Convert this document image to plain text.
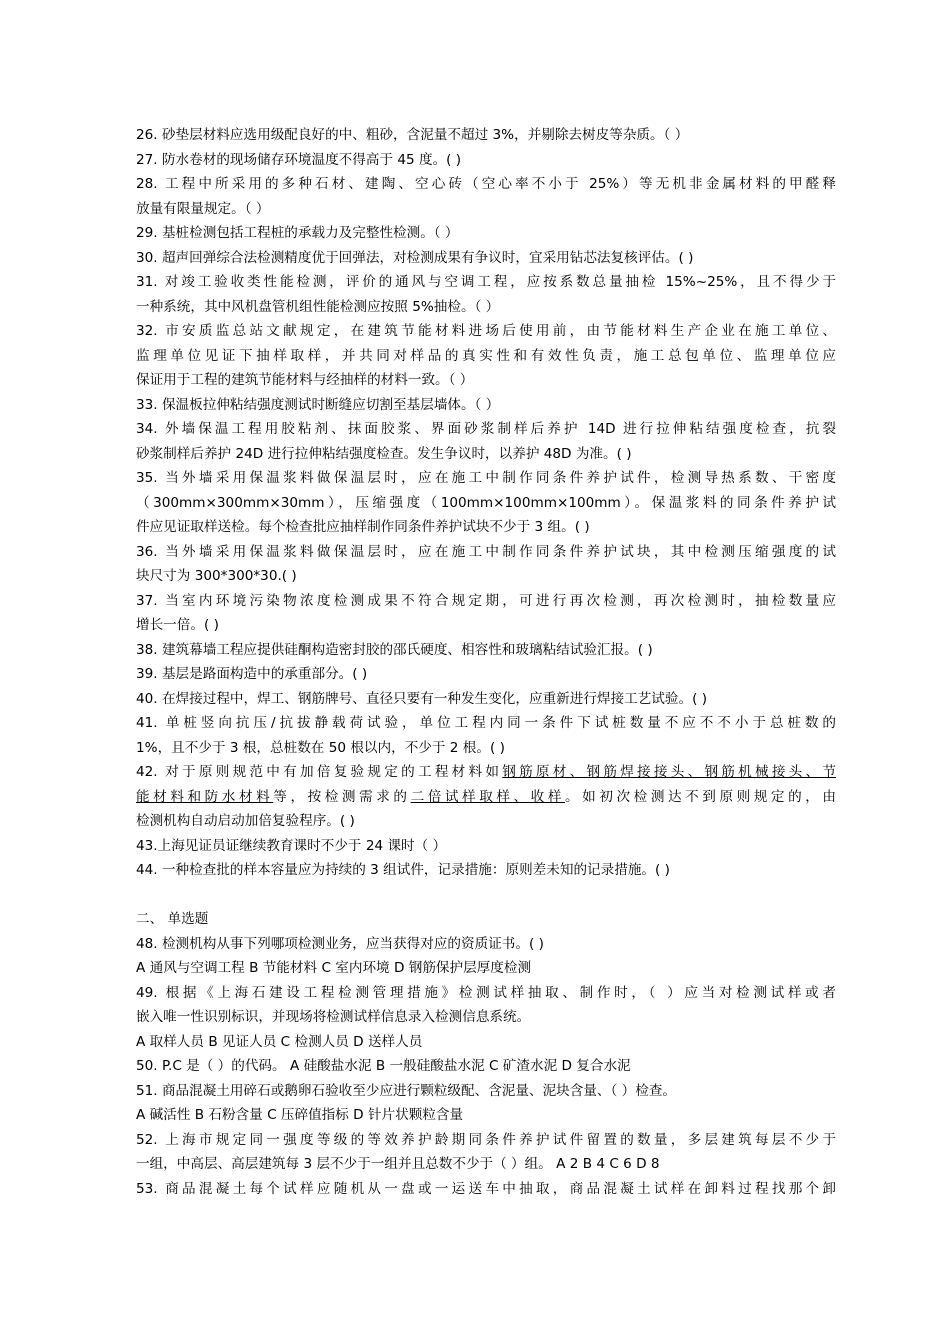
26. 砂垫层材料应选用级配良好的中、粗砂，含泥量不超过 3%，并剔除去树皮等杂质。（ ）
27. 防水卷材的现场储存环境温度不得高于 45 度。( )
28. 工程中所采用的多种石材、建陶、空心砖（空心率不小于 25%）等无机非金属材料的甲醛释
放量有限量规定。（ ）
29. 基桩检测包括工程桩的承载力及完整性检测。（ ）
30. 超声回弹综合法检测精度优于回弹法，对检测成果有争议时，宜采用钻芯法复核评估。( )
31. 对竣工验收类性能检测，评价的通风与空调工程，应按系数总量抽检 15%~25%，且不得少于
一种系统，其中风机盘管机组性能检测应按照 5%抽检。（ ）
32. 市安质监总站文献规定，在建筑节能材料进场后使用前，由节能材料生产企业在施工单位、
监理单位见证下抽样取样，并共同对样品的真实性和有效性负责，施工总包单位、监理单位应
保证用于工程的建筑节能材料与经抽样的材料一致。（ ）
33. 保温板拉伸粘结强度测试时断缝应切割至基层墙体。（ ）
34. 外墙保温工程用胶粘剂、抹面胶浆、界面砂浆制样后养护 14D 进行拉伸粘结强度检查，抗裂
砂浆制样后养护 24D 进行拉伸粘结强度检查。发生争议时，以养护 48D 为准。( )
35. 当外墙采用保温浆料做保温层时，应在施工中制作同条件养护试件，检测导热系数、干密度
（300mm×300mm×30mm），压缩强度（100mm×100mm×100mm）。保温浆料的同条件养护试
件应见证取样送检。每个检查批应抽样制作同条件养护试块不少于 3 组。( )
36. 当外墙采用保温浆料做保温层时，应在施工中制作同条件养护试块，其中检测压缩强度的试
块尺寸为 300*300*30.( )
37. 当室内环境污染物浓度检测成果不符合规定期，可进行再次检测，再次检测时，抽检数量应
增长一倍。( )
38. 建筑幕墙工程应提供硅酮构造密封胶的邵氏硬度、相容性和玻璃粘结试验汇报。( )
39. 基层是路面构造中的承重部分。( )
40. 在焊接过程中，焊工、钢筋牌号、直径只要有一种发生变化，应重新进行焊接工艺试验。( )
41. 单桩竖向抗压/抗拔静载荷试验，单位工程内同一条件下试桩数量不应不不小于总桩数的
1%，且不少于 3 根，总桩数在 50 根以内，不少于 2 根。( )
42. 对于原则规范中有加倍复验规定的工程材料如钢筋原材、钢筋焊接接头、钢筋机械接头、节
能材料和防水材料等，按检测需求的二倍试样取样、收样。如初次检测达不到原则规定的，由
检测机构自动启动加倍复验程序。( )
43.上海见证员证继续教育课时不少于 24 课时（ ）
44. 一种检查批的样本容量应为持续的 3 组试件，记录措施：原则差未知的记录措施。( )
二、 单选题
48. 检测机构从事下列哪项检测业务，应当获得对应的资质证书。( )
A 通风与空调工程 B 节能材料 C 室内环境 D 钢筋保护层厚度检测
49. 根据《上海石建设工程检测管理措施》检测试样抽取、制作时，（ ）应当对检测试样或者
嵌入唯一性识别标识，并现场将检测试样信息录入检测信息系统。
A 取样人员 B 见证人员 C 检测人员 D 送样人员
50. P.C 是（ ）的代码。 A 硅酸盐水泥 B 一般硅酸盐水泥 C 矿渣水泥 D 复合水泥
51. 商品混凝土用碎石或鹅卵石验收至少应进行颗粒级配、含泥量、泥块含量、（ ）检查。
A 碱活性 B 石粉含量 C 压碎值指标 D 针片状颗粒含量
52. 上海市规定同一强度等级的等效养护龄期同条件养护试件留置的数量，多层建筑每层不少于
一组，中高层、高层建筑每 3 层不少于一组并且总数不少于（ ）组。 A 2 B 4 C 6 D 8
53. 商品混凝土每个试样应随机从一盘或一运送车中抽取，商品混凝土试样在卸料过程找那个卸
